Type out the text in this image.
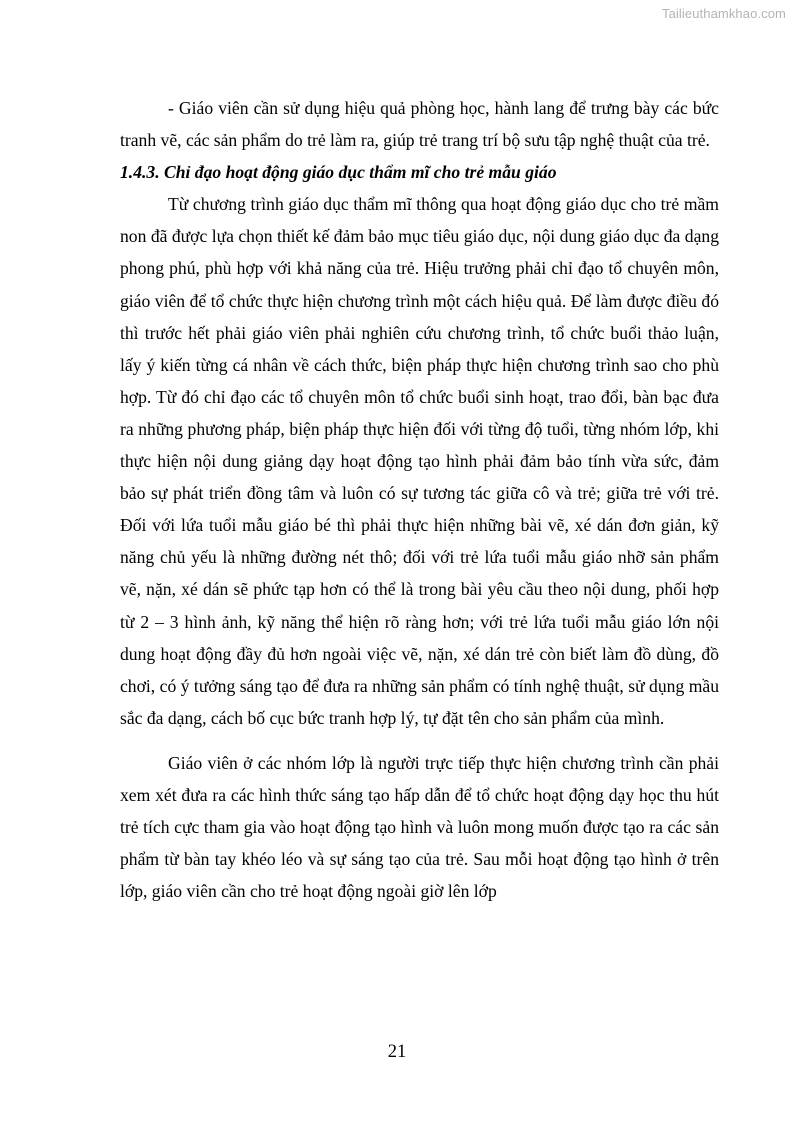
Tailieuthamkhao.com

- Giáo viên cần sử dụng hiệu quả phòng học, hành lang để trưng bày các bức tranh vẽ, các sản phẩm do trẻ làm ra, giúp trẻ trang trí bộ sưu tập nghệ thuật của trẻ.

1.4.3. Chỉ đạo hoạt động giáo dục thẩm mĩ cho trẻ mẫu giáo

Từ chương trình giáo dục thẩm mĩ thông qua hoạt động giáo dục cho trẻ mầm non đã được lựa chọn thiết kế đảm bảo mục tiêu giáo dục, nội dung giáo dục đa dạng phong phú, phù hợp với khả năng của trẻ. Hiệu trưởng phải chỉ đạo tổ chuyên môn, giáo viên để tổ chức thực hiện chương trình một cách hiệu quả. Để làm được điều đó thì trước hết phải giáo viên phải nghiên cứu chương trình, tổ chức buổi thảo luận, lấy ý kiến từng cá nhân về cách thức, biện pháp thực hiện chương trình sao cho phù hợp. Từ đó chỉ đạo các tổ chuyên môn tổ chức buổi sinh hoạt, trao đổi, bàn bạc đưa ra những phương pháp, biện pháp thực hiện đối với từng độ tuổi, từng nhóm lớp, khi thực hiện nội dung giảng dạy hoạt động tạo hình phải đảm bảo tính vừa sức, đảm bảo sự phát triển đồng tâm và luôn có sự tương tác giữa cô và trẻ; giữa trẻ với trẻ. Đối với lứa tuổi mẫu giáo bé thì phải thực hiện những bài vẽ, xé dán đơn giản, kỹ năng chủ yếu là những đường nét thô; đối với trẻ lứa tuổi mẫu giáo nhỡ sản phẩm vẽ, nặn, xé dán sẽ phức tạp hơn có thể là trong bài yêu cầu theo nội dung, phối hợp từ 2 – 3 hình ảnh, kỹ năng thể hiện rõ ràng hơn; với trẻ lứa tuổi mẫu giáo lớn nội dung hoạt động đầy đủ hơn ngoài việc vẽ, nặn, xé dán trẻ còn biết làm đồ dùng, đồ chơi, có ý tưởng sáng tạo để đưa ra những sản phẩm có tính nghệ thuật, sử dụng mầu sắc đa dạng, cách bố cục bức tranh hợp lý, tự đặt tên cho sản phẩm của mình.

Giáo viên ở các nhóm lớp là người trực tiếp thực hiện chương trình cần phải xem xét đưa ra các hình thức sáng tạo hấp dẫn để tổ chức hoạt động dạy học thu hút trẻ tích cực tham gia vào hoạt động tạo hình và luôn mong muốn được tạo ra các sản phẩm từ bàn tay khéo léo và sự sáng tạo của trẻ. Sau mỗi hoạt động tạo hình ở trên lớp, giáo viên cần cho trẻ hoạt động ngoài giờ lên lớp

21
